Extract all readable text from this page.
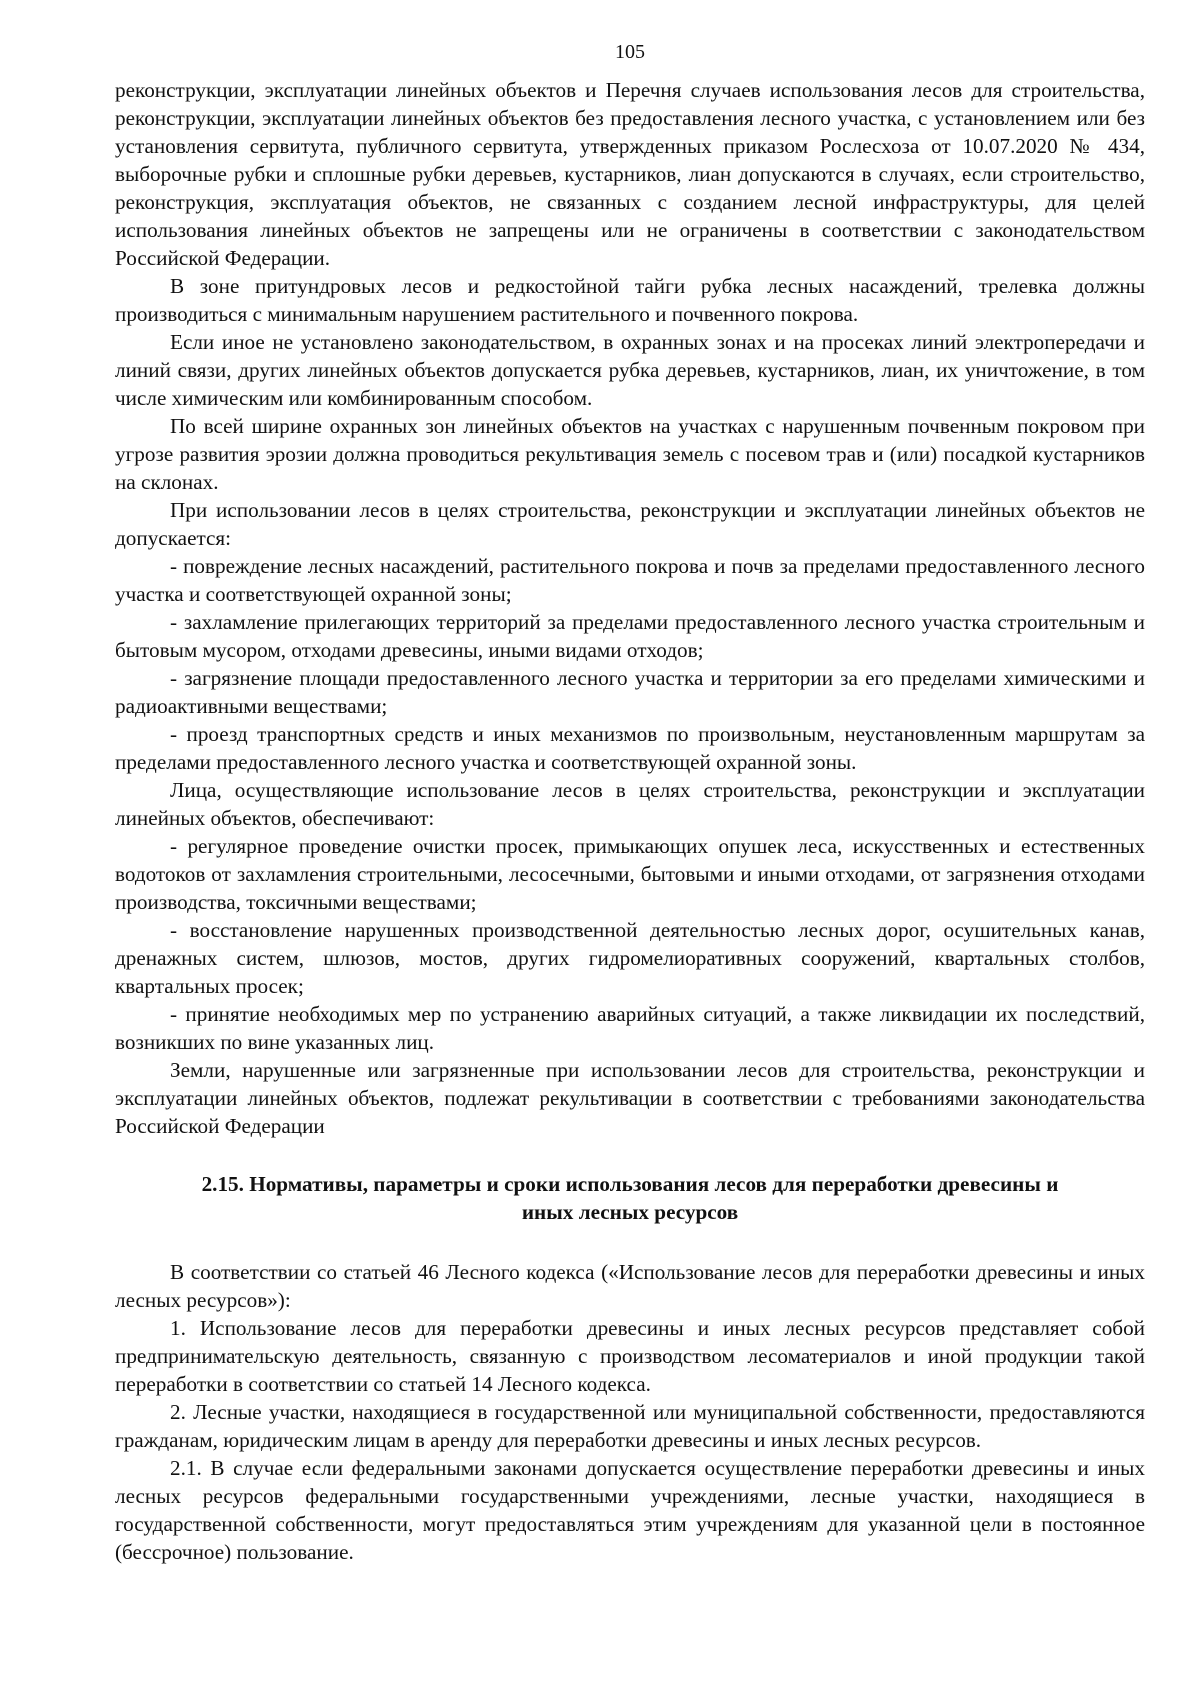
105

реконструкции, эксплуатации линейных объектов и Перечня случаев использования лесов для строительства, реконструкции, эксплуатации линейных объектов без предоставления лесного участка, с установлением или без установления сервитута, публичного сервитута, утвержденных приказом Рослесхоза от 10.07.2020 № 434, выборочные рубки и сплошные рубки деревьев, кустарников, лиан допускаются в случаях, если строительство, реконструкция, эксплуатация объектов, не связанных с созданием лесной инфраструктуры, для целей использования линейных объектов не запрещены или не ограничены в соответствии с законодательством Российской Федерации.

В зоне притундровых лесов и редкостойной тайги рубка лесных насаждений, трелевка должны производиться с минимальным нарушением растительного и почвенного покрова.

Если иное не установлено законодательством, в охранных зонах и на просеках линий электропередачи и линий связи, других линейных объектов допускается рубка деревьев, кустарников, лиан, их уничтожение, в том числе химическим или комбинированным способом.

По всей ширине охранных зон линейных объектов на участках с нарушенным почвенным покровом при угрозе развития эрозии должна проводиться рекультивация земель с посевом трав и (или) посадкой кустарников на склонах.

При использовании лесов в целях строительства, реконструкции и эксплуатации линейных объектов не допускается:

- повреждение лесных насаждений, растительного покрова и почв за пределами предоставленного лесного участка и соответствующей охранной зоны;

- захламление прилегающих территорий за пределами предоставленного лесного участка строительным и бытовым мусором, отходами древесины, иными видами отходов;

- загрязнение площади предоставленного лесного участка и территории за его пределами химическими и радиоактивными веществами;

- проезд транспортных средств и иных механизмов по произвольным, неустановленным маршрутам за пределами предоставленного лесного участка и соответствующей охранной зоны.

Лица, осуществляющие использование лесов в целях строительства, реконструкции и эксплуатации линейных объектов, обеспечивают:

- регулярное проведение очистки просек, примыкающих опушек леса, искусственных и естественных водотоков от захламления строительными, лесосечными, бытовыми и иными отходами, от загрязнения отходами производства, токсичными веществами;

- восстановление нарушенных производственной деятельностью лесных дорог, осушительных канав, дренажных систем, шлюзов, мостов, других гидромелиоративных сооружений, квартальных столбов, квартальных просек;

- принятие необходимых мер по устранению аварийных ситуаций, а также ликвидации их последствий, возникших по вине указанных лиц.

Земли, нарушенные или загрязненные при использовании лесов для строительства, реконструкции и эксплуатации линейных объектов, подлежат рекультивации в соответствии с требованиями законодательства Российской Федерации

2.15. Нормативы, параметры и сроки использования лесов для переработки древесины и
иных лесных ресурсов

В соответствии со статьей 46 Лесного кодекса («Использование лесов для переработки древесины и иных лесных ресурсов»):

1. Использование лесов для переработки древесины и иных лесных ресурсов представляет собой предпринимательскую деятельность, связанную с производством лесоматериалов и иной продукции такой переработки в соответствии со статьей 14 Лесного кодекса.

2. Лесные участки, находящиеся в государственной или муниципальной собственности, предоставляются гражданам, юридическим лицам в аренду для переработки древесины и иных лесных ресурсов.

2.1. В случае если федеральными законами допускается осуществление переработки древесины и иных лесных ресурсов федеральными государственными учреждениями, лесные участки, находящиеся в государственной собственности, могут предоставляться этим учреждениям для указанной цели в постоянное (бессрочное) пользование.
